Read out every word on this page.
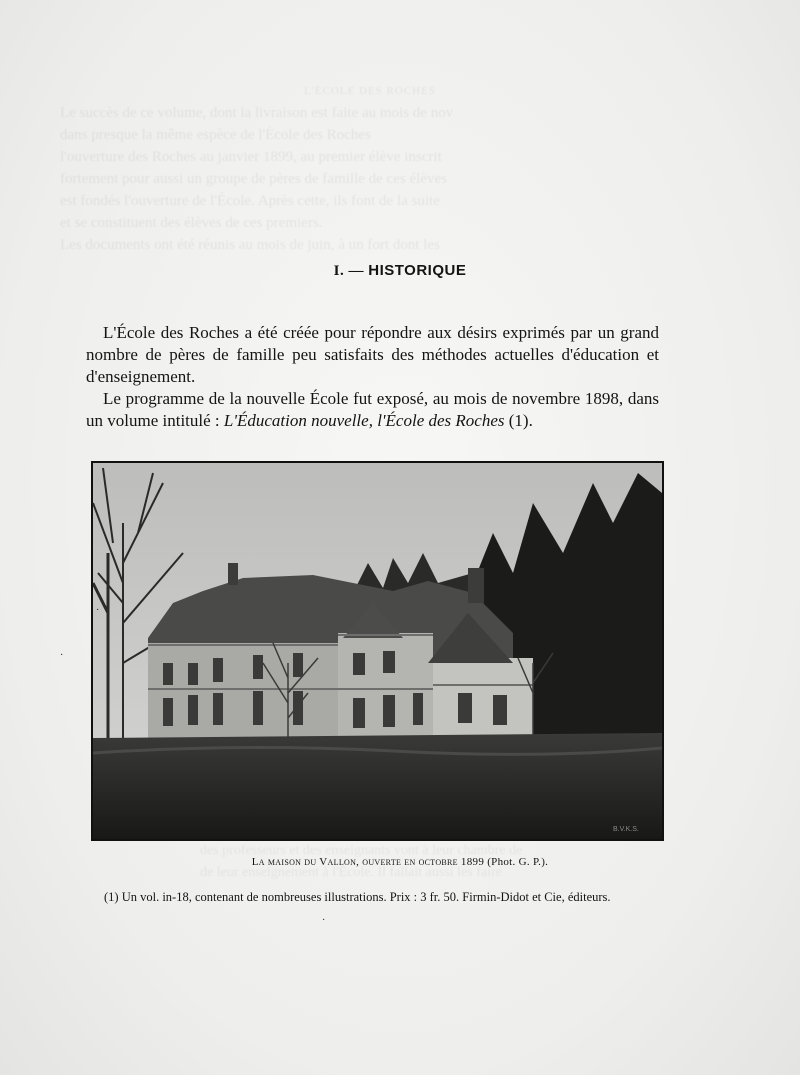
L'ÉCOLE DES ROCHES
Le succès de ce volume, dont la livraison est faite au mois de nov
dans presque la même espèce de l'École des Roches
l'ouverture des Roches au janvier 1899, au premier élève inscrit
fortement pour aussi un groupe de pères de famille de ces élèves
est fondés l'ouverture de l'École. Après cette, ils font de la suite
et se constituent des élèves de ces premiers.
Les documents ont été réunis au mois de juin, à un fort dont les
des professeurs et des enseignants vont à leur chambre de
de leur enseignement à l'École. Il fallait aussi les faire
I. — HISTORIQUE
L'École des Roches a été créée pour répondre aux désirs exprimés par un grand nombre de pères de famille peu satisfaits des méthodes actuelles d'éducation et d'enseignement.
Le programme de la nouvelle École fut exposé, au mois de novembre 1898, dans un volume intitulé : L'Éducation nouvelle, l'École des Roches (1).
B.V.K.S.
La maison du Vallon, ouverte en octobre 1899 (Phot. G. P.).
(1) Un vol. in-18, contenant de nombreuses illustrations. Prix : 3 fr. 50. Firmin-Didot et Cie, éditeurs.
·
·
·
